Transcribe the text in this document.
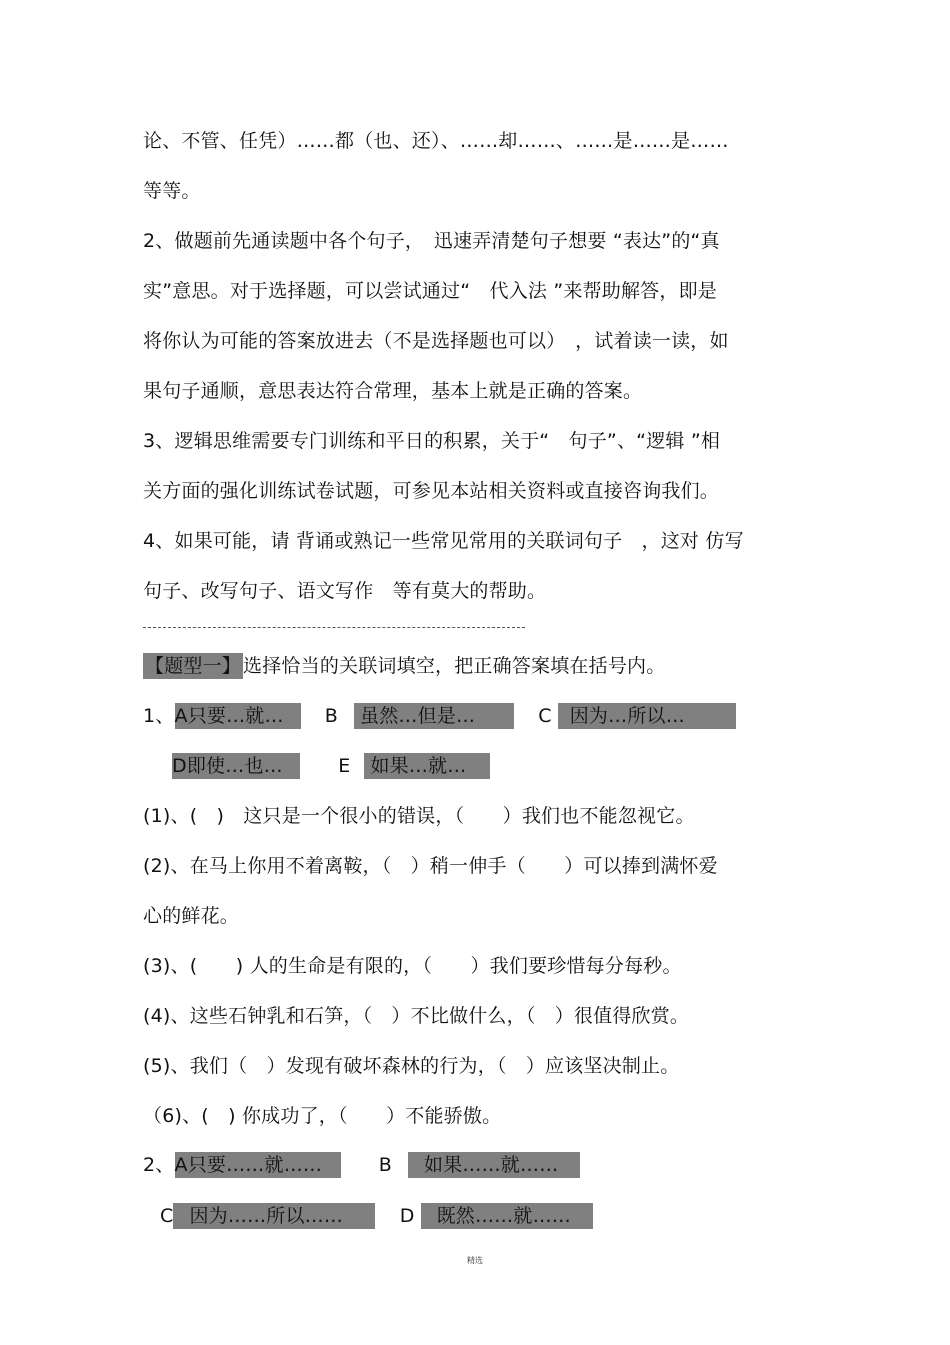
论、不管、任凭）……都（也、还）、……却……、……是……是……
等等。
2、做题前先通读题中各个句子，　迅速弄清楚句子想要 “表达”的“真
实”意思。对于选择题，可以尝试通过“　代入法 ”来帮助解答，即是
将你认为可能的答案放进去（不是选择题也可以）　，试着读一读，如
果句子通顺，意思表达符合常理，基本上就是正确的答案。
3、逻辑思维需要专门训练和平日的积累，关于“　句子”、“逻辑 ”相
关方面的强化训练试卷试题，可参见本站相关资料或直接咨询我们。
4、如果可能，请 背诵或熟记一些常见常用的关联词句子　，这对 仿写
句子、改写句子、语文写作　等有莫大的帮助。
【题型一】 选择恰当的关联词填空，把正确答案填在括号内。
1、A只要…就… B 虽然…但是…	C 因为…所以…
D即使…也…	E 如果…就…
(1)、(　)　这只是一个很小的错误，（　　）我们也不能忽视它。
(2)、在马上你用不着离鞍，（　）稍一伸手（　　）可以捧到满怀爱
心的鲜花。
(3)、(　　) 人的生命是有限的，（　　）我们要珍惜每分每秒。
(4)、这些石钟乳和石笋，（　）不比做什么，（　）很值得欣赏。
(5)、我们（　）发现有破坏森林的行为，（　）应该坚决制止。
（6)、(　) 你成功了，（　　）不能骄傲。
2、A只要……就……	B 如果……就……
C 因为……所以……	D 既然……就……
精选
